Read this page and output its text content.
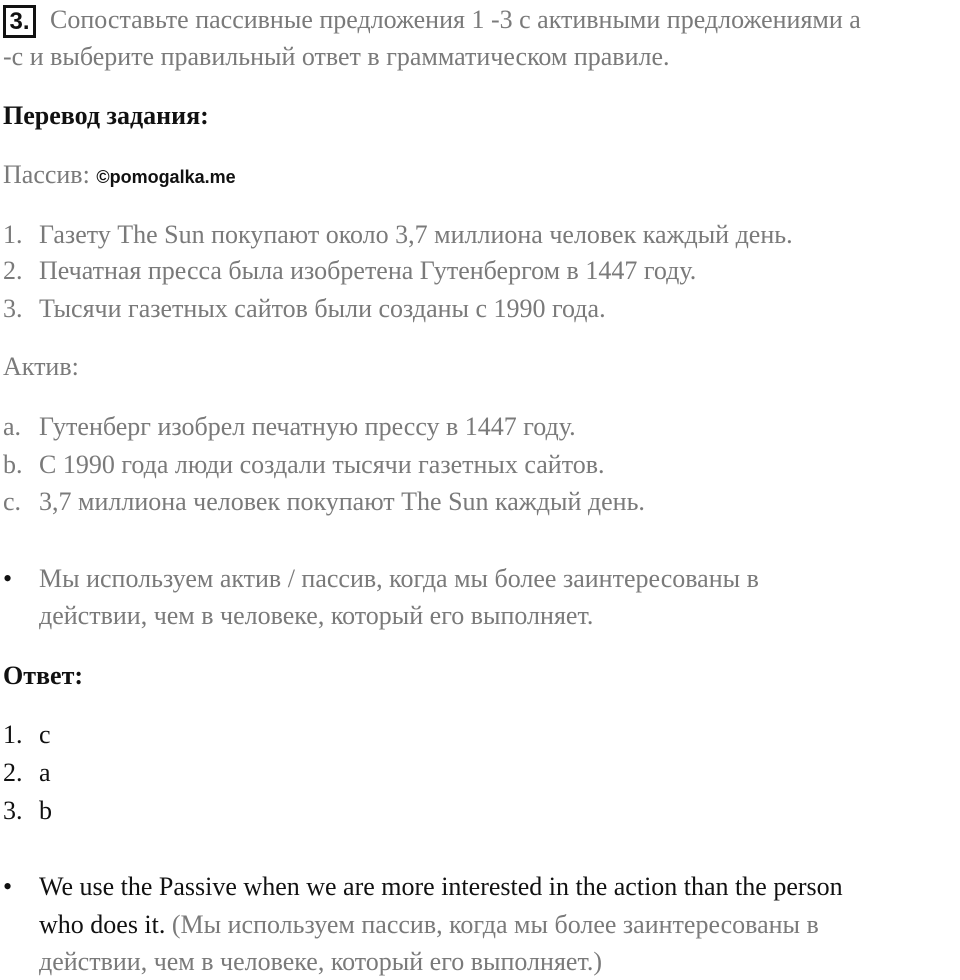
3. Сопоставьте пассивные предложения 1 -3 с активными предложениями a
-c и выберите правильный ответ в грамматическом правиле.
Перевод задания:
Пассив: ©pomogalka.me
1. Газету The Sun покупают около 3,7 миллиона человек каждый день.
2. Печатная пресса была изобретена Гутенбергом в 1447 году.
3. Тысячи газетных сайтов были созданы с 1990 года.
Актив:
a. Гутенберг изобрел печатную прессу в 1447 году.
b. С 1990 года люди создали тысячи газетных сайтов.
c. 3,7 миллиона человек покупают The Sun каждый день.
• Мы используем актив / пассив, когда мы более заинтересованы в
действии, чем в человеке, который его выполняет.
Ответ:
1. c
2. a
3. b
• We use the Passive when we are more interested in the action than the person
who does it. (Мы используем пассив, когда мы более заинтересованы в
действии, чем в человеке, который его выполняет.)
